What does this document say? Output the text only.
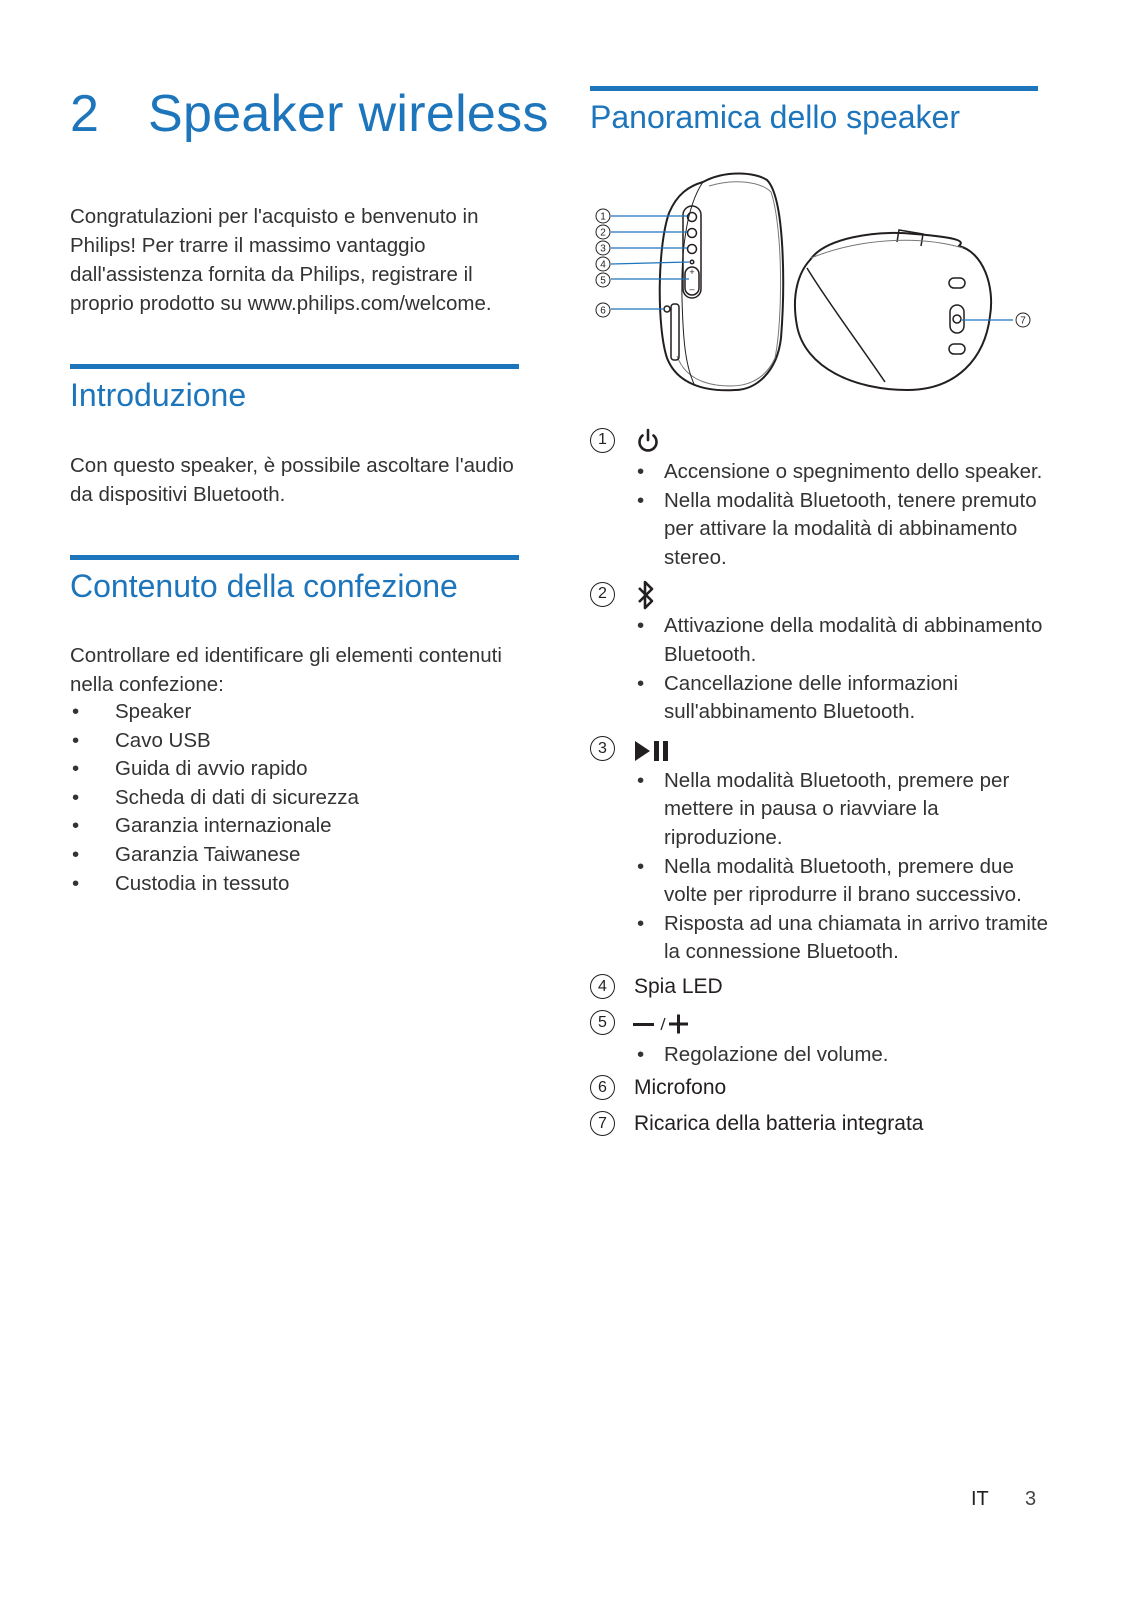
2 Speaker wireless
Congratulazioni per l'acquisto e benvenuto in Philips! Per trarre il massimo vantaggio dall'assistenza fornita da Philips, registrare il proprio prodotto su www.philips.com/welcome.
Introduzione
Con questo speaker, è possibile ascoltare l'audio da dispositivi Bluetooth.
Contenuto della confezione
Controllare ed identificare gli elementi contenuti nella confezione:
• Speaker
• Cavo USB
• Guida di avvio rapido
• Scheda di dati di sicurezza
• Garanzia internazionale
• Garanzia Taiwanese
• Custodia in tessuto
Panoramica dello speaker
+
–
1
2
3
4
5
6
7
1
• Accensione o spegnimento dello speaker.
• Nella modalità Bluetooth, tenere premuto per attivare la modalità di abbinamento stereo.
2
• Attivazione della modalità di abbinamento Bluetooth.
• Cancellazione delle informazioni sull'abbinamento Bluetooth.
3
• Nella modalità Bluetooth, premere per mettere in pausa o riavviare la riproduzione.
• Nella modalità Bluetooth, premere due volte per riprodurre il brano successivo.
• Risposta ad una chiamata in arrivo tramite la connessione Bluetooth.
4	Spia LED
5
• Regolazione del volume.
6	Microfono
7	Ricarica della batteria integrata
IT 3
